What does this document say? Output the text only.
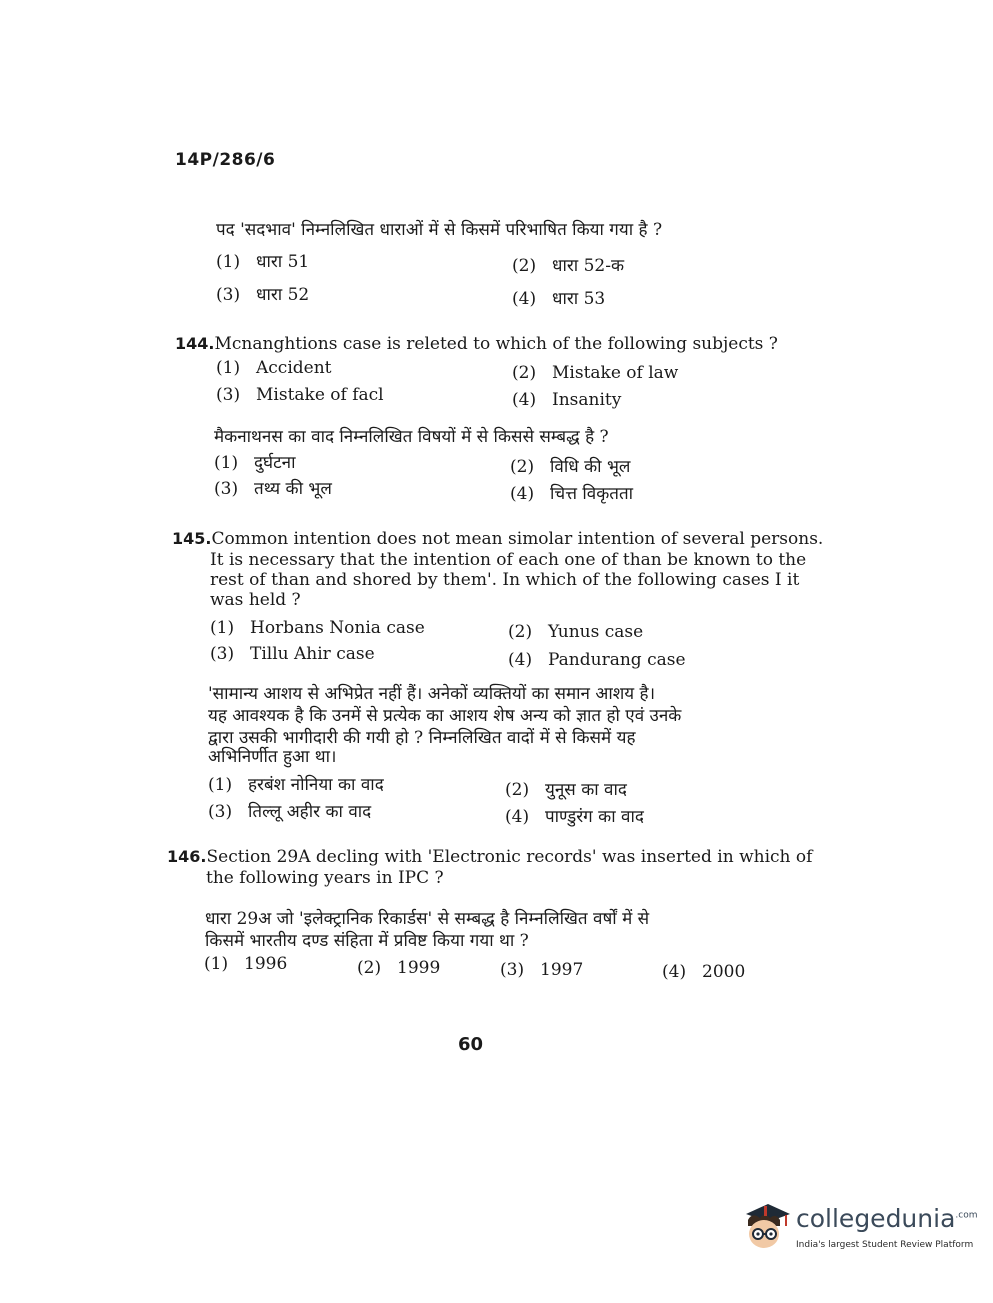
14P/286/6
पद 'सदभाव' निम्नलिखित धाराओं में से किसमें परिभाषित किया गया है ?
(1) धारा 51	(2) धारा 52-क
(3) धारा 52	(4) धारा 53
144.Mcnanghtions case is releted to which of the following subjects ?
(1) Accident	(2) Mistake of law
(3) Mistake of facl	(4) Insanity
मैकनाथनस का वाद निम्नलिखित विषयों में से किससे सम्बद्ध है ?
(1) दुर्घटना	(2) विधि की भूल
(3) तथ्य की भूल	(4) चित्त विकृतता
145.Common intention does not mean simolar intention of several persons.
It is necessary that the intention of each one of than be known to the
rest of than and shored by them'. In which of the following cases I it
was held ?
(1) Horbans Nonia case	(2) Yunus case
(3) Tillu Ahir case	(4) Pandurang case
'सामान्य आशय से अभिप्रेत नहीं हैं। अनेकों व्यक्तियों का समान आशय है।
यह आवश्यक है कि उनमें से प्रत्येक का आशय शेष अन्य को ज्ञात हो एवं उनके
द्वारा उसकी भागीदारी की गयी हो ? निम्नलिखित वादों में से किसमें यह
अभिनिर्णीत हुआ था।
(1) हरबंश नोनिया का वाद	(2) युनूस का वाद
(3) तिल्लू अहीर का वाद	(4) पाण्डुरंग का वाद
146.Section 29A decling with 'Electronic records' was inserted in which of
the following years in IPC ?
धारा 29अ जो 'इलेक्ट्रानिक रिकार्डस' से सम्बद्ध है निम्नलिखित वर्षों में से
किसमें भारतीय दण्ड संहिता में प्रविष्ट किया गया था ?
(1) 1996	(2) 1999	(3) 1997	(4) 2000
60
collegedunia$^{.com}$
India's largest Student Review Platform
